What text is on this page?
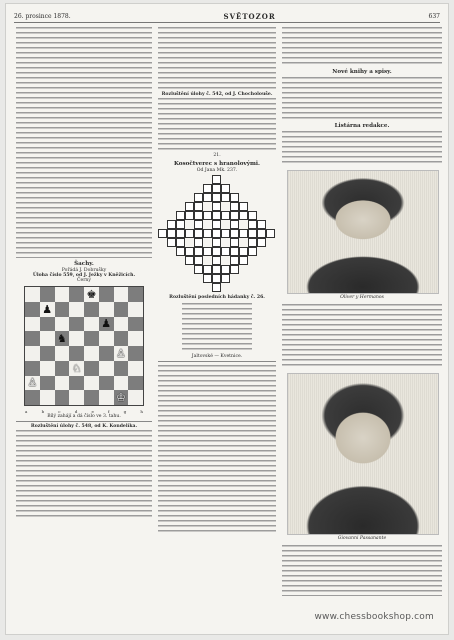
26. prosince 1878.	SVĚTOZOR	637
Šachy.
Pořádá J. Dobrušky
Úloha číslo 559, od J. Ježky v Kněžicích.
Černý
♚
♟
♟
♞
♙
♘
♙
♔
a	b	c	d	e	f	g	h
Bílý zahájí a dá číslo ve 3. tahu.
Rozluštění úlohy č. 548, od K. Kondelíka.
Rozluštění úlohy č. 542, od J. Chocholouše.
21.
Kosočtverec s hranolovými.
Od Jana Mk. 237.
Rozluštění posledních hádanky č. 26.
Jaltovské — Kvetnice.
Nové knihy a spisy.
Listárna redakce.
Oliver y Hermanos
Giovanni Passanante
www.chessbookshop.com
